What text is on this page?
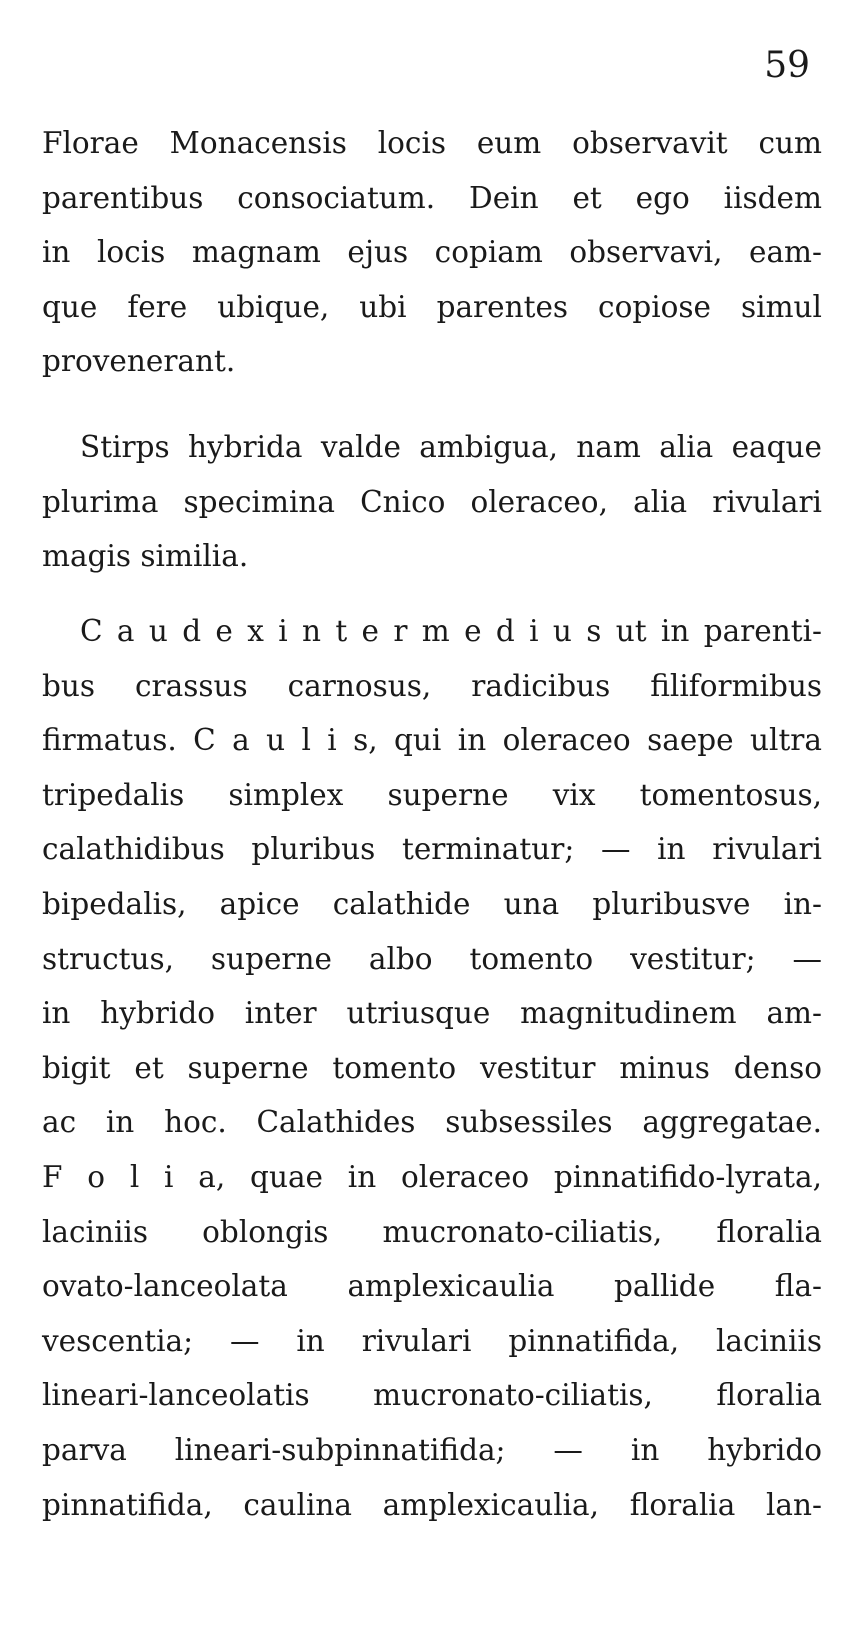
59
Florae Monacensis locis eum observavit cum
parentibus consociatum. Dein et ego iisdem
in locis magnam ejus copiam observavi, eam-
que fere ubique, ubi parentes copiose simul
provenerant.
Stirps hybrida valde ambigua, nam alia eaque
plurima specimina Cnico oleraceo, alia rivulari
magis similia.
C a u d e x i n t e r m e d i u s ut in parenti-
bus crassus carnosus, radicibus filiformibus
firmatus. C a u l i s, qui in oleraceo saepe ultra
tripedalis simplex superne vix tomentosus,
calathidibus pluribus terminatur; — in rivulari
bipedalis, apice calathide una pluribusve in-
structus, superne albo tomento vestitur; —
in hybrido inter utriusque magnitudinem am-
bigit et superne tomento vestitur minus denso
ac in hoc. Calathides subsessiles aggregatae.
F o l i a, quae in oleraceo pinnatifido-lyrata,
laciniis oblongis mucronato-ciliatis, floralia
ovato-lanceolata amplexicaulia pallide fla-
vescentia; — in rivulari pinnatifida, laciniis
lineari-lanceolatis mucronato-ciliatis, floralia
parva lineari-subpinnatifida; — in hybrido
pinnatifida, caulina amplexicaulia, floralia lan-
